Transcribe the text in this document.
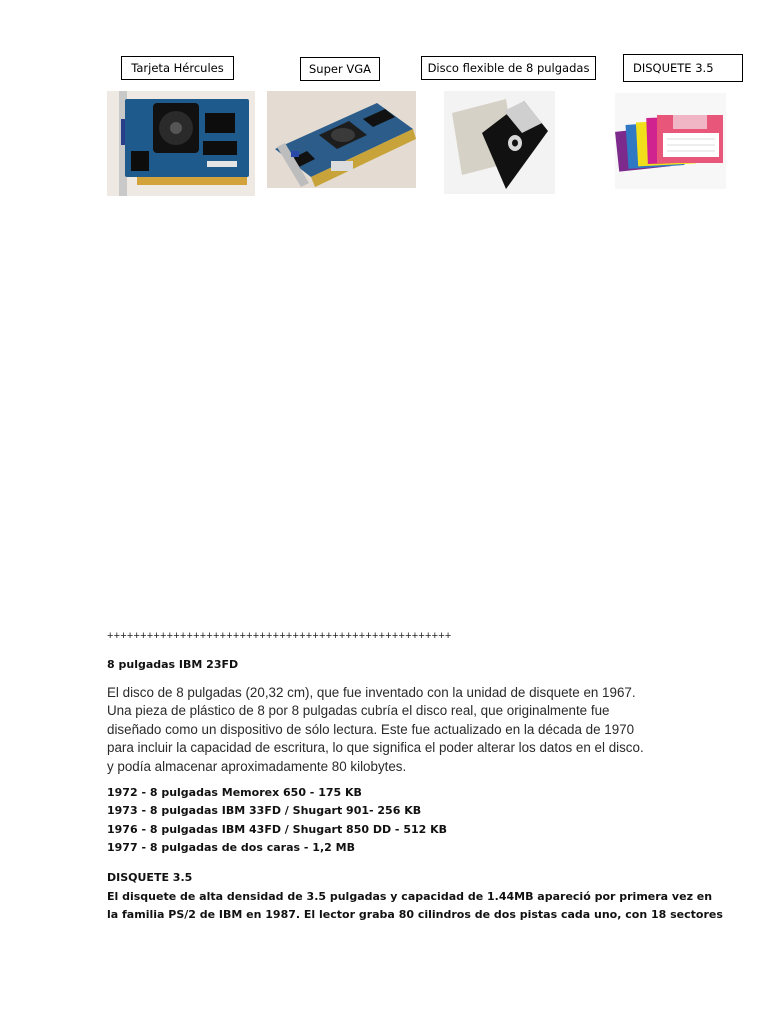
Tarjeta Hércules	Super VGA	Disco flexible de 8 pulgadas	DISQUETE 3.5
++++++++++++++++++++++++++++++++++++++++++++++++++++
8 pulgadas IBM 23FD
El disco de 8 pulgadas (20,32 cm), que fue inventado con la unidad de disquete en 1967.
Una pieza de plástico de 8 por 8 pulgadas cubría el disco real, que originalmente fue
diseñado como un dispositivo de sólo lectura. Este fue actualizado en la década de 1970
para incluir la capacidad de escritura, lo que significa el poder alterar los datos en el disco.
y podía almacenar aproximadamente 80 kilobytes.
1972 - 8 pulgadas Memorex 650 - 175 KB
1973 - 8 pulgadas IBM 33FD / Shugart 901- 256 KB
1976 - 8 pulgadas IBM 43FD / Shugart 850 DD - 512 KB
1977 - 8 pulgadas de dos caras - 1,2 MB
DISQUETE 3.5
El disquete de alta densidad de 3.5 pulgadas y capacidad de 1.44MB apareció por primera vez en
la familia PS/2 de IBM en 1987. El lector graba 80 cilindros de dos pistas cada uno, con 18 sectores
